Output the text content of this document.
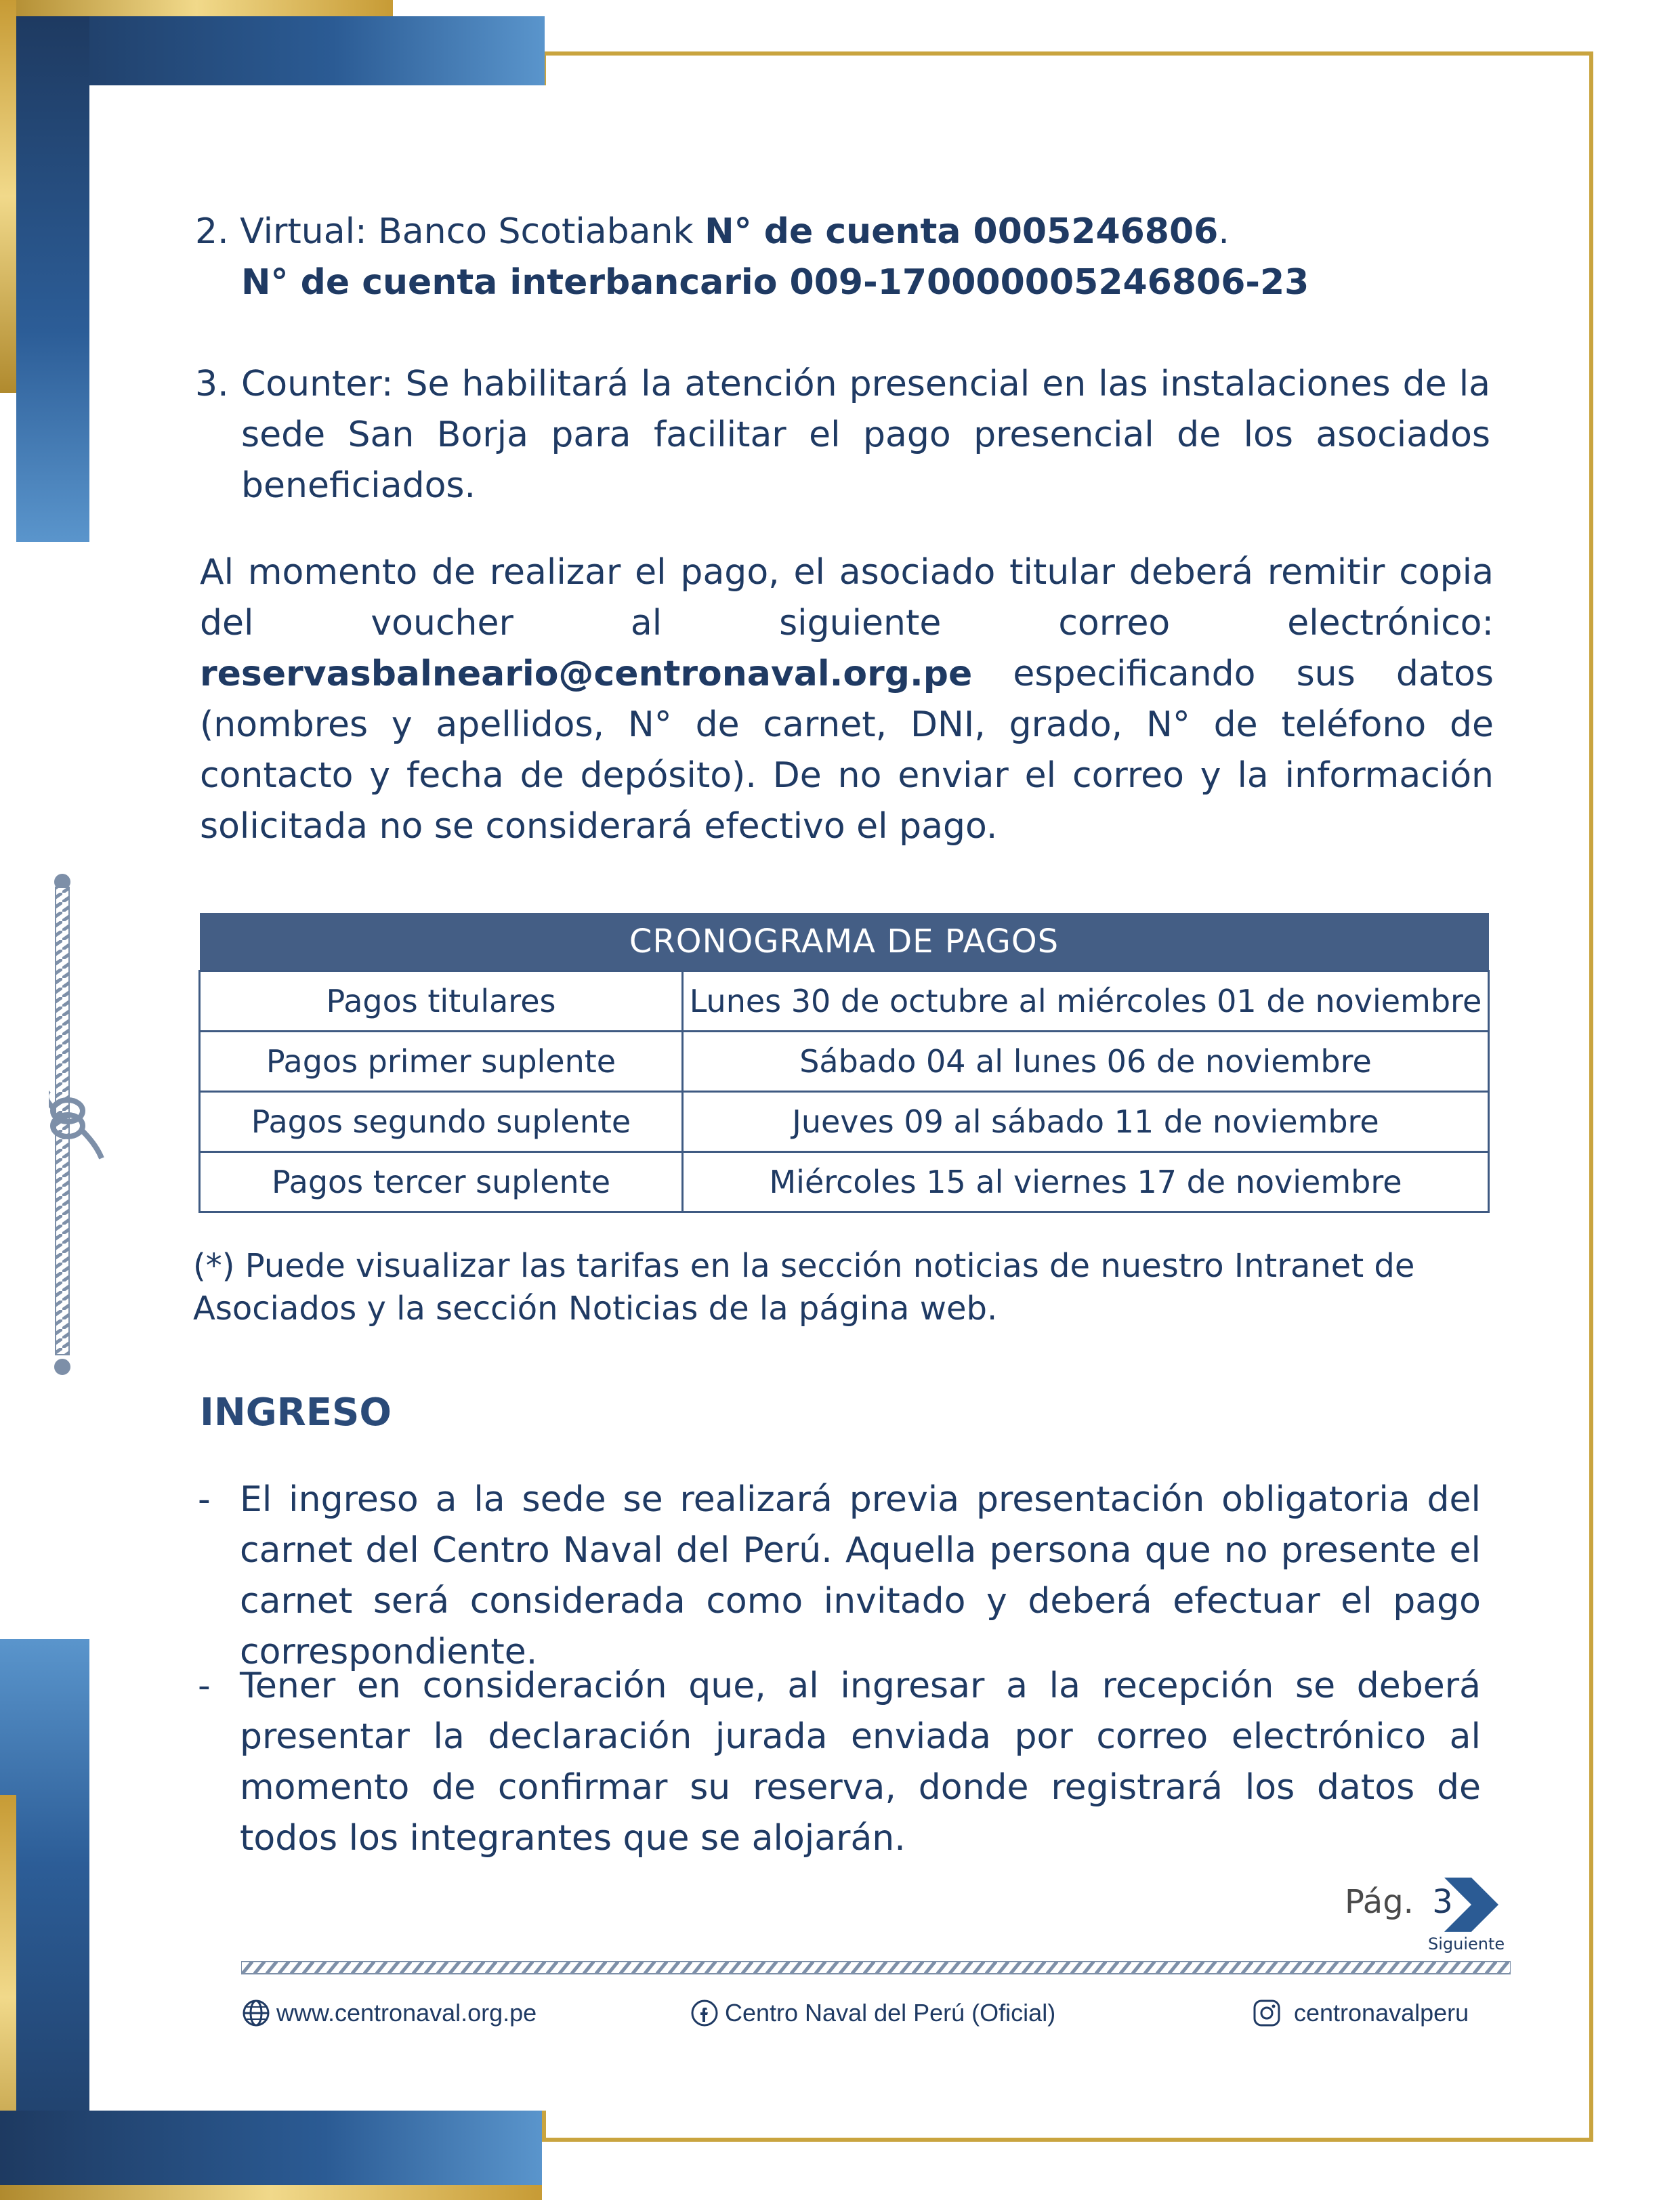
2. Virtual: Banco Scotiabank N° de cuenta 0005246806.
N° de cuenta interbancario 009-170000005246806-23
3. Counter: Se habilitará la atención presencial en las instalaciones de la sede San Borja para facilitar el pago presencial de los asociados beneficiados.
Al momento de realizar el pago, el asociado titular deberá remitir copia del voucher al siguiente correo electrónico: reservasbalneario@centronaval.org.pe especificando sus datos (nombres y apellidos, N° de carnet, DNI, grado, N° de teléfono de contacto y fecha de depósito). De no enviar el correo y la información solicitada no se considerará efectivo el pago.
CRONOGRAMA DE PAGOS	
Pagos titulares	Lunes 30 de octubre al miércoles 01 de noviembre
Pagos primer suplente	Sábado 04 al lunes 06 de noviembre
Pagos segundo suplente	Jueves 09 al sábado 11 de noviembre
Pagos tercer suplente	Miércoles 15 al viernes 17 de noviembre
(*) Puede visualizar las tarifas en la sección noticias de nuestro Intranet de Asociados y la sección Noticias de la página web.
INGRESO
- El ingreso a la sede se realizará previa presentación obligatoria del carnet del Centro Naval del Perú. Aquella persona que no presente el carnet será considerada como invitado y deberá efectuar el pago correspondiente.
- Tener en consideración que, al ingresar a la recepción se deberá presentar la declaración jurada enviada por correo electrónico al momento de confirmar su reserva, donde registrará los datos de todos los integrantes que se alojarán.
Pág. 3
Siguiente
www.centronaval.org.pe	Centro Naval del Perú (Oficial)	centronavalperu
